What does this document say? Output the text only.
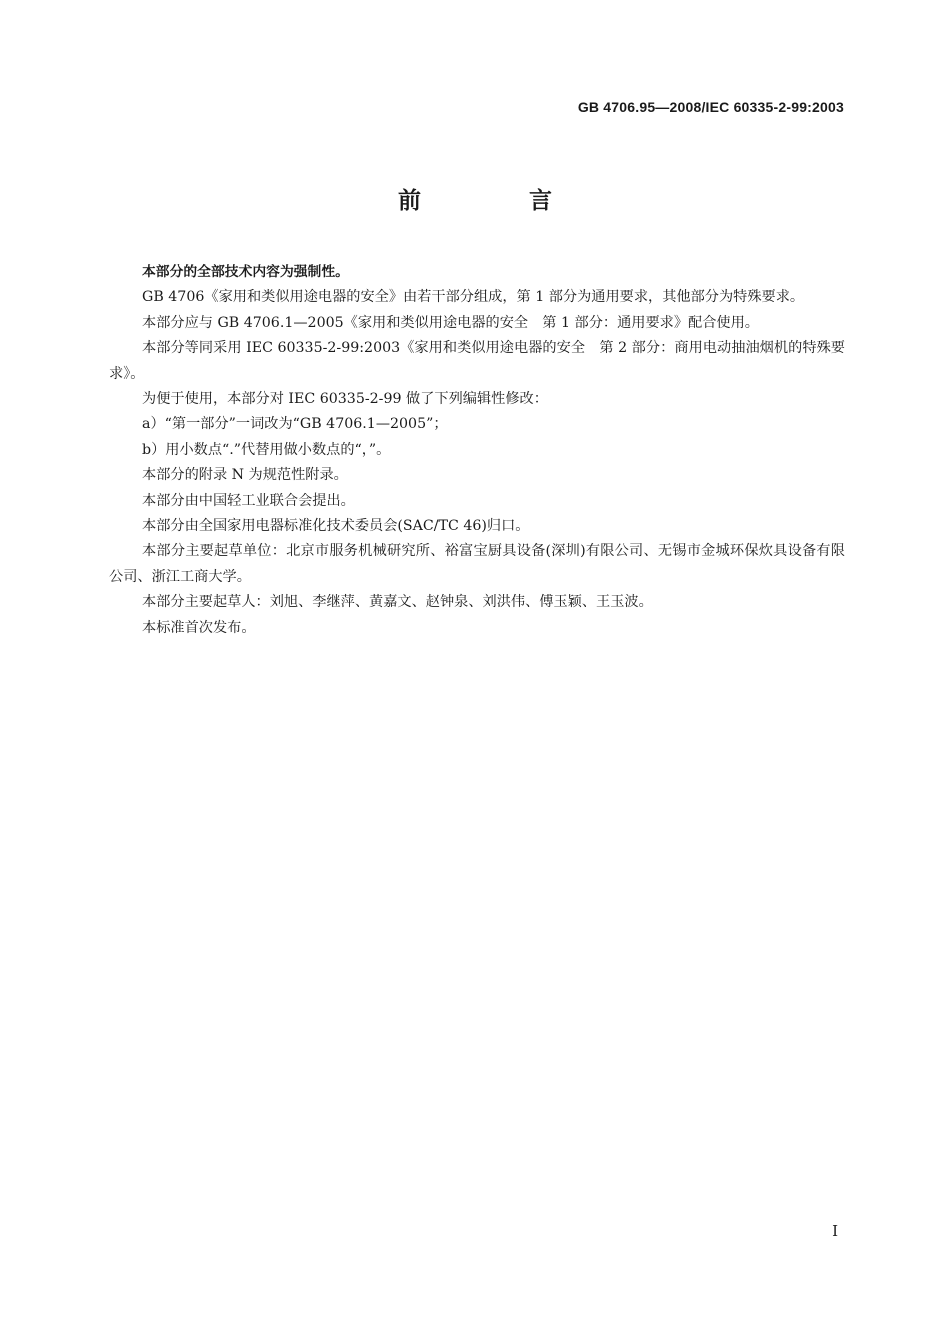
GB 4706.95—2008/IEC 60335-2-99:2003
前 言

本部分的全部技术内容为强制性。

GB 4706《家用和类似用途电器的安全》由若干部分组成，第 1 部分为通用要求，其他部分为特殊要求。

本部分应与 GB 4706.1—2005《家用和类似用途电器的安全　第 1 部分：通用要求》配合使用。

本部分等同采用 IEC 60335-2-99:2003《家用和类似用途电器的安全　第 2 部分：商用电动抽油烟机的特殊要求》。

为便于使用，本部分对 IEC 60335-2-99 做了下列编辑性修改：

a）“第一部分”一词改为“GB 4706.1—2005”；

b）用小数点“.”代替用做小数点的“，”。

本部分的附录 N 为规范性附录。

本部分由中国轻工业联合会提出。

本部分由全国家用电器标准化技术委员会(SAC/TC 46)归口。

本部分主要起草单位：北京市服务机械研究所、裕富宝厨具设备(深圳)有限公司、无锡市金城环保炊具设备有限公司、浙江工商大学。

本部分主要起草人：刘旭、李继萍、黄嘉文、赵钟泉、刘洪伟、傅玉颖、王玉波。

本标准首次发布。

I
